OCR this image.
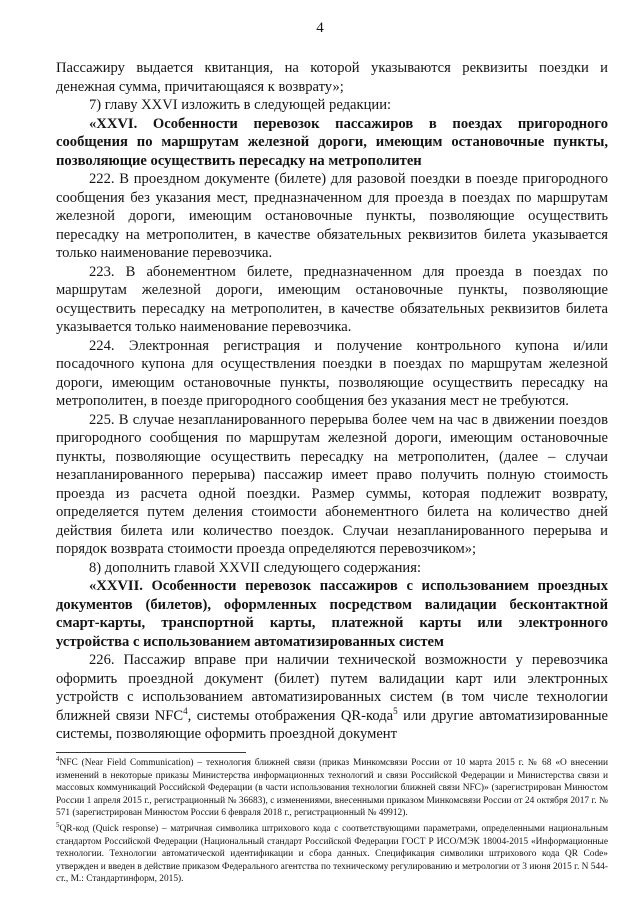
4

Пассажиру выдается квитанция, на которой указываются реквизиты поездки и денежная сумма, причитающаяся к возврату»;

7) главу XXVI изложить в следующей редакции:

«XXVI. Особенности перевозок пассажиров в поездах пригородного сообщения по маршрутам железной дороги, имеющим остановочные пункты, позволяющие осуществить пересадку на метрополитен

222. В проездном документе (билете) для разовой поездки в поезде пригородного сообщения без указания мест, предназначенном для проезда в поездах по маршрутам железной дороги, имеющим остановочные пункты, позволяющие осуществить пересадку на метрополитен, в качестве обязательных реквизитов билета указывается только наименование перевозчика.

223. В абонементном билете, предназначенном для проезда в поездах по маршрутам железной дороги, имеющим остановочные пункты, позволяющие осуществить пересадку на метрополитен, в качестве обязательных реквизитов билета указывается только наименование перевозчика.

224. Электронная регистрация и получение контрольного купона и/или посадочного купона для осуществления поездки в поездах по маршрутам железной дороги, имеющим остановочные пункты, позволяющие осуществить пересадку на метрополитен, в поезде пригородного сообщения без указания мест не требуются.

225. В случае незапланированного перерыва более чем на час в движении поездов пригородного сообщения по маршрутам железной дороги, имеющим остановочные пункты, позволяющие осуществить пересадку на метрополитен, (далее – случаи незапланированного перерыва) пассажир имеет право получить полную стоимость проезда из расчета одной поездки. Размер суммы, которая подлежит возврату, определяется путем деления стоимости абонементного билета на количество дней действия билета или количество поездок. Случаи незапланированного перерыва и порядок возврата стоимости проезда определяются перевозчиком»;

8) дополнить главой XXVII следующего содержания:

«XXVII. Особенности перевозок пассажиров с использованием проездных документов (билетов), оформленных посредством валидации бесконтактной смарт-карты, транспортной карты, платежной карты или электронного устройства с использованием автоматизированных систем

226. Пассажир вправе при наличии технической возможности у перевозчика оформить проездной документ (билет) путем валидации карт или электронных устройств с использованием автоматизированных систем (в том числе технологии ближней связи NFC$^4$, системы отображения QR-кода$^5$ или другие автоматизированные системы, позволяющие оформить проездной документ

$^4$NFC (Near Field Communication) – технология ближней связи (приказ Минкомсвязи России от 10 марта 2015 г. № 68 «О внесении изменений в некоторые приказы Министерства информационных технологий и связи Российской Федерации и Министерства связи и массовых коммуникаций Российской Федерации (в части использования технологии ближней связи NFC)» (зарегистрирован Минюстом России 1 апреля 2015 г., регистрационный № 36683), с изменениями, внесенными приказом Минкомсвязи России от 24 октября 2017 г. № 571 (зарегистрирован Минюстом России 6 февраля 2018 г., регистрационный № 49912).

$^5$QR-код (Quick response) – матричная символика штрихового кода с соответствующими параметрами, определенными национальным стандартом Российской Федерации (Национальный стандарт Российской Федерации ГОСТ Р ИСО/МЭК 18004-2015 «Информационные технологии. Технологии автоматической идентификации и сбора данных. Спецификация символики штрихового кода QR Code» утвержден и введен в действие приказом Федерального агентства по техническому регулированию и метрологии от 3 июня 2015 г. N 544-ст., М.: Стандартинформ, 2015).
